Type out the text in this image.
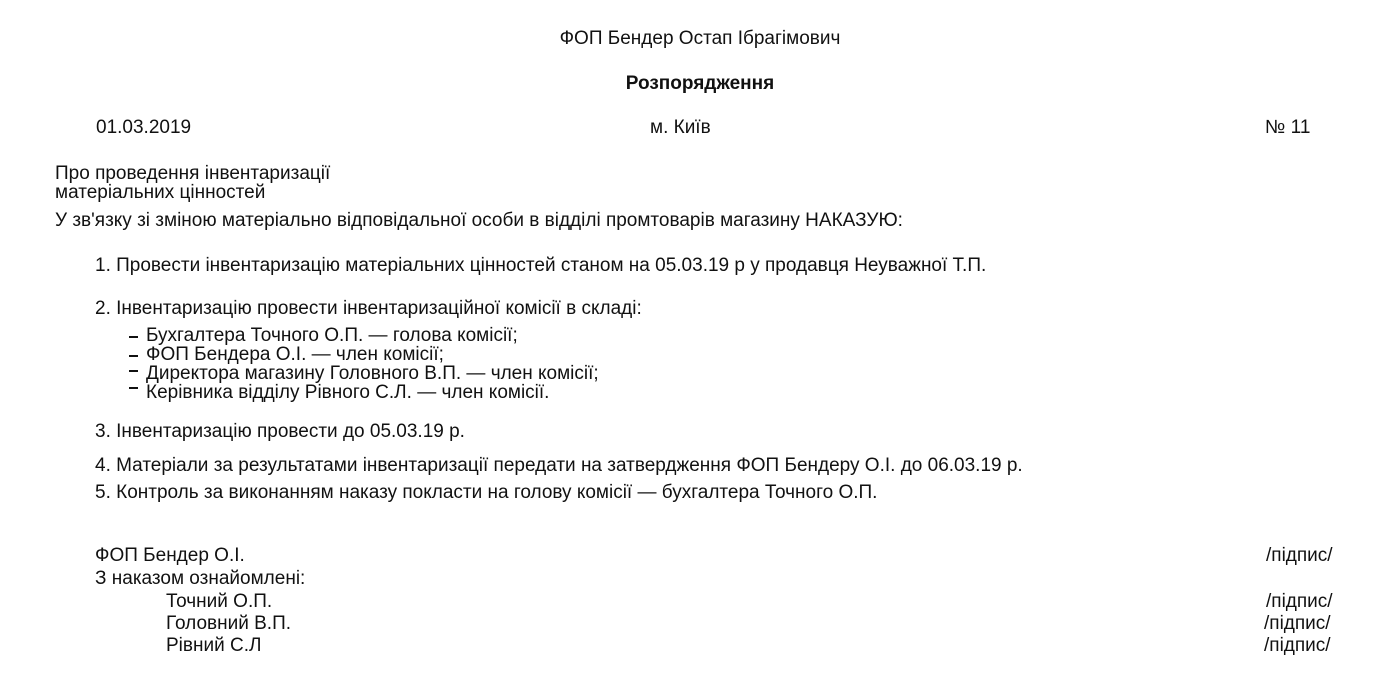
ФОП Бендер Остап Ібрагімович
Розпорядження
01.03.2019	м. Київ	№ 11
Про проведення інвентаризації
матеріальних цінностей
У зв'язку зі зміною матеріально відповідальної особи в відділі промтоварів магазину НАКАЗУЮ:
1. Провести інвентаризацію матеріальних цінностей станом на 05.03.19 р у продавця Неуважної Т.П.
2. Інвентаризацію провести інвентаризаційної комісії в складі:
Бухгалтера Точного О.П. — голова комісії;
ФОП Бендера О.І. — член комісії;
Директора магазину Головного В.П. — член комісії;
Керівника відділу Рівного С.Л. — член комісії.
3. Інвентаризацію провести до 05.03.19 р.
4. Матеріали за результатами інвентаризації передати на затвердження ФОП Бендеру О.І. до 06.03.19 р.
5. Контроль за виконанням наказу покласти на голову комісії — бухгалтера Точного О.П.
ФОП Бендер О.І.	/підпис/
З наказом ознайомлені:
Точний О.П.	/підпис/
Головний В.П.	/підпис/
Рівний С.Л	/підпис/
